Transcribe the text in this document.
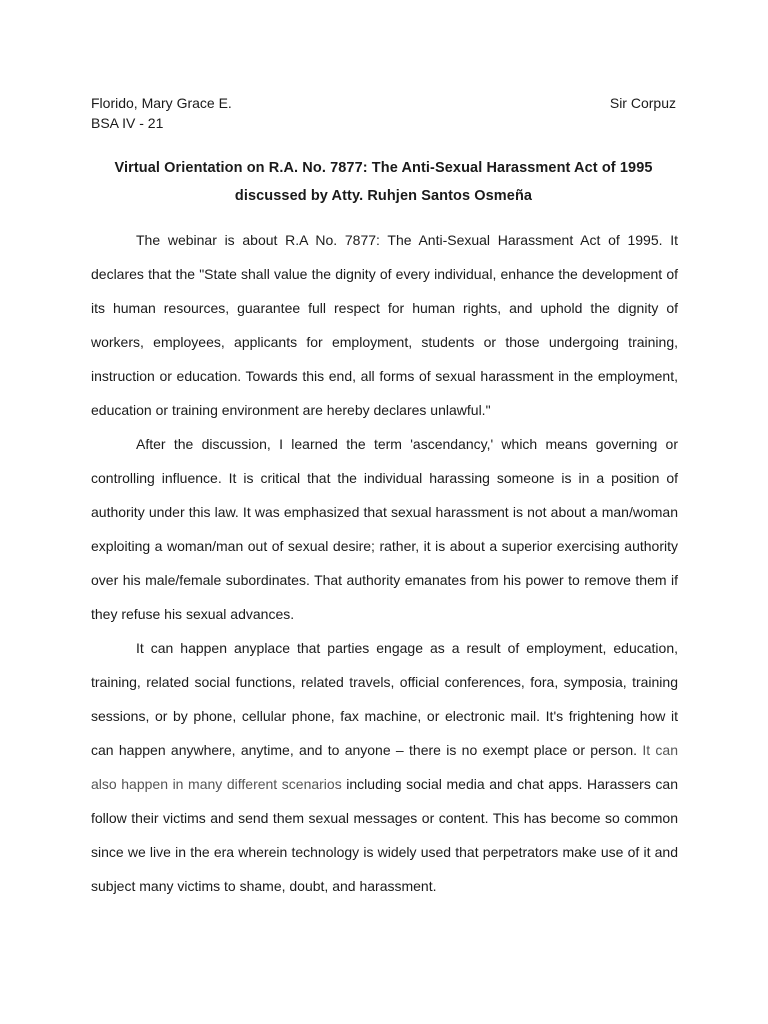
Florido, Mary Grace E.	Sir Corpuz
BSA IV - 21
Virtual Orientation on R.A. No. 7877: The Anti-Sexual Harassment Act of 1995
discussed by Atty. Ruhjen Santos Osmeña

The webinar is about R.A No. 7877: The Anti-Sexual Harassment Act of 1995. It declares that the "State shall value the dignity of every individual, enhance the development of its human resources, guarantee full respect for human rights, and uphold the dignity of workers, employees, applicants for employment, students or those undergoing training, instruction or education. Towards this end, all forms of sexual harassment in the employment, education or training environment are hereby declares unlawful."

After the discussion, I learned the term 'ascendancy,' which means governing or controlling influence. It is critical that the individual harassing someone is in a position of authority under this law. It was emphasized that sexual harassment is not about a man/woman exploiting a woman/man out of sexual desire; rather, it is about a superior exercising authority over his male/female subordinates. That authority emanates from his power to remove them if they refuse his sexual advances.

It can happen anyplace that parties engage as a result of employment, education, training, related social functions, related travels, official conferences, fora, symposia, training sessions, or by phone, cellular phone, fax machine, or electronic mail. It's frightening how it can happen anywhere, anytime, and to anyone – there is no exempt place or person. It can also happen in many different scenarios including social media and chat apps. Harassers can follow their victims and send them sexual messages or content. This has become so common since we live in the era wherein technology is widely used that perpetrators make use of it and subject many victims to shame, doubt, and harassment.
